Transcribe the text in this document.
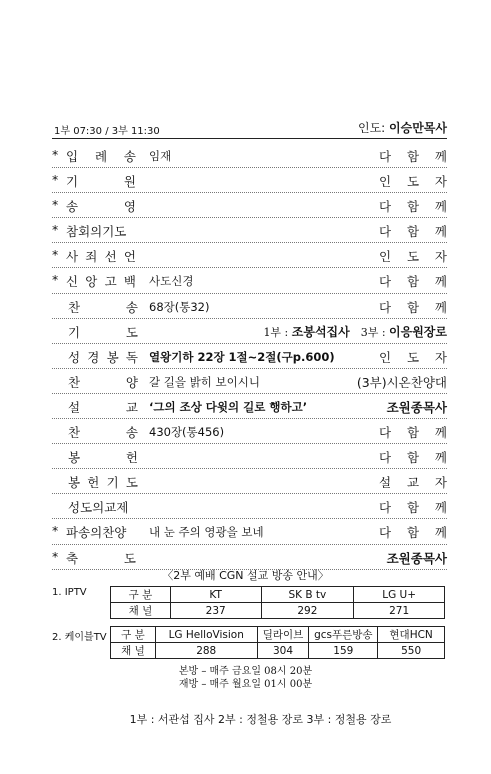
1부 07:30 / 3부 11:30	인도: 이승만목사
* 입 례 송 임재	다 함 께
* 기	원	인 도 자
* 송	영	다 함 께
* 참회의기도	다 함 께
* 사 죄 선 언	인 도 자
* 신 앙 고 백 사도신경	다 함 께
찬	송 68장(통32)	다 함 께
기	도	1부 : 조봉석집사 3부 : 이응원장로
성 경 봉 독 열왕기하 22장 1절~2절(구p.600)	인 도 자
찬	양 갈 길을 밝히 보이시니	(3부)시온찬양대
설	교 ‘그의 조상 다윗의 길로 행하고’	조원종목사
찬	송 430장(통456)	다 함 께
봉	헌	다 함 께
봉 헌 기 도	설 교 자
성도의교제	다 함 께
* 파송의찬양 내 눈 주의 영광을 보네	다 함 께
* 축	도	조원종목사
〈2부 예배 CGN 설교 방송 안내〉
1. IPTV	구 분	KT	SK B tv	LG U+
채 널	237	292	271
2. 케이블TV 구 분	LG HelloVision	딜라이브	gcs푸른방송	현대HCN
채 널	288	304	159	550
본방 – 매주 금요일 08시 20분
재방 – 매주 월요일 01시 00분
1부 : 서관섭 집사 2부 : 정철용 장로 3부 : 정철용 장로
